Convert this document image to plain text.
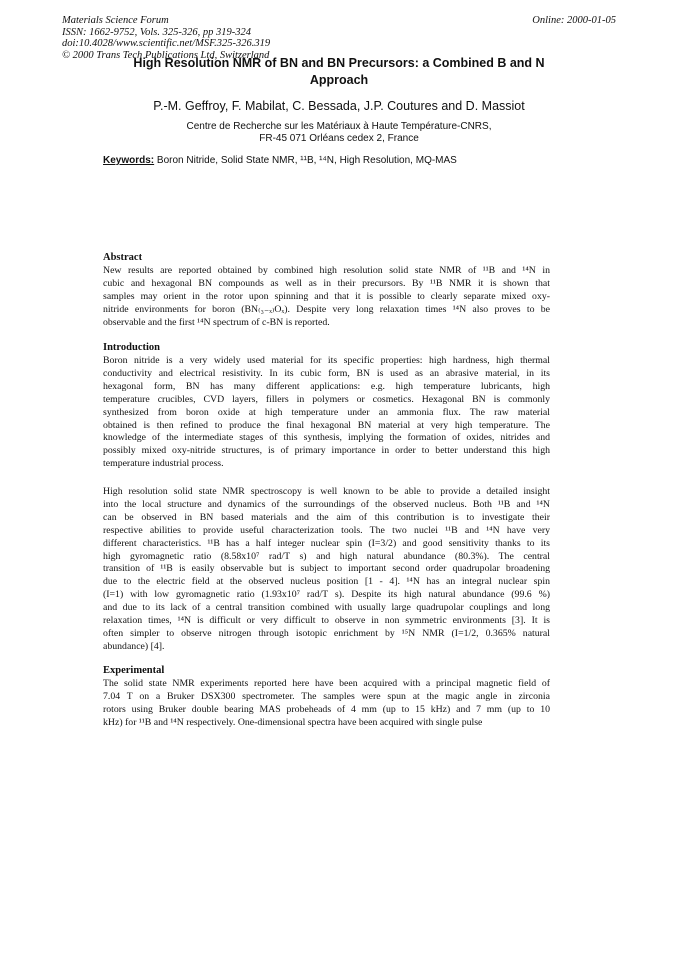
Materials Science Forum
ISSN: 1662-9752, Vols. 325-326, pp 319-324
doi:10.4028/www.scientific.net/MSF.325-326.319
© 2000 Trans Tech Publications Ltd, Switzerland
Online: 2000-01-05
High Resolution NMR of BN and BN Precursors: a Combined B and N
Approach
P.-M. Geffroy, F. Mabilat, C. Bessada, J.P. Coutures and D. Massiot
Centre de Recherche sur les Matériaux à Haute Température-CNRS,
FR-45 071 Orléans cedex 2, France
Keywords: Boron Nitride, Solid State NMR, ¹¹B, ¹⁴N, High Resolution, MQ-MAS
Abstract
New results are reported obtained by combined high resolution solid state NMR of ¹¹B and ¹⁴N in
cubic and hexagonal BN compounds as well as in their precursors. By ¹¹B NMR it is shown that
samples may orient in the rotor upon spinning and that it is possible to clearly separate mixed oxy-
nitride environments for boron (BN₍₃₋ₓ₎Oₓ). Despite very long relaxation times ¹⁴N also proves to be
observable and the first ¹⁴N spectrum of c-BN is reported.
Introduction
Boron nitride is a very widely used material for its specific properties: high hardness, high thermal
conductivity and electrical resistivity. In its cubic form, BN is used as an abrasive material, in its
hexagonal form, BN has many different applications: e.g. high temperature lubricants, high
temperature crucibles, CVD layers, fillers in polymers or cosmetics. Hexagonal BN is commonly
synthesized from boron oxide at high temperature under an ammonia flux. The raw material
obtained is then refined to produce the final hexagonal BN material at very high temperature. The
knowledge of the intermediate stages of this synthesis, implying the formation of oxides, nitrides and
possibly mixed oxy-nitride structures, is of primary importance in order to better understand this high
temperature industrial process.
High resolution solid state NMR spectroscopy is well known to be able to provide a detailed insight
into the local structure and dynamics of the surroundings of the observed nucleus. Both ¹¹B and ¹⁴N
can be observed in BN based materials and the aim of this contribution is to investigate their
respective abilities to provide useful characterization tools. The two nuclei ¹¹B and ¹⁴N have very
different characteristics. ¹¹B has a half integer nuclear spin (I=3/2) and good sensitivity thanks to its
high gyromagnetic ratio (8.58x10⁷ rad/T s) and high natural abundance (80.3%). The central
transition of ¹¹B is easily observable but is subject to important second order quadrupolar broadening
due to the electric field at the observed nucleus position [1 - 4]. ¹⁴N has an integral nuclear spin
(I=1) with low gyromagnetic ratio (1.93x10⁷ rad/T s). Despite its high natural abundance (99.6 %)
and due to its lack of a central transition combined with usually large quadrupolar couplings and long
relaxation times, ¹⁴N is difficult or very difficult to observe in non symmetric environments [3]. It is
often simpler to observe nitrogen through isotopic enrichment by ¹⁵N NMR (I=1/2, 0.365% natural
abundance) [4].
Experimental
The solid state NMR experiments reported here have been acquired with a principal magnetic field of
7.04 T on a Bruker DSX300 spectrometer. The samples were spun at the magic angle in zirconia
rotors using Bruker double bearing MAS probeheads of 4 mm (up to 15 kHz) and 7 mm (up to 10
kHz) for ¹¹B and ¹⁴N respectively. One-dimensional spectra have been acquired with single pulse
